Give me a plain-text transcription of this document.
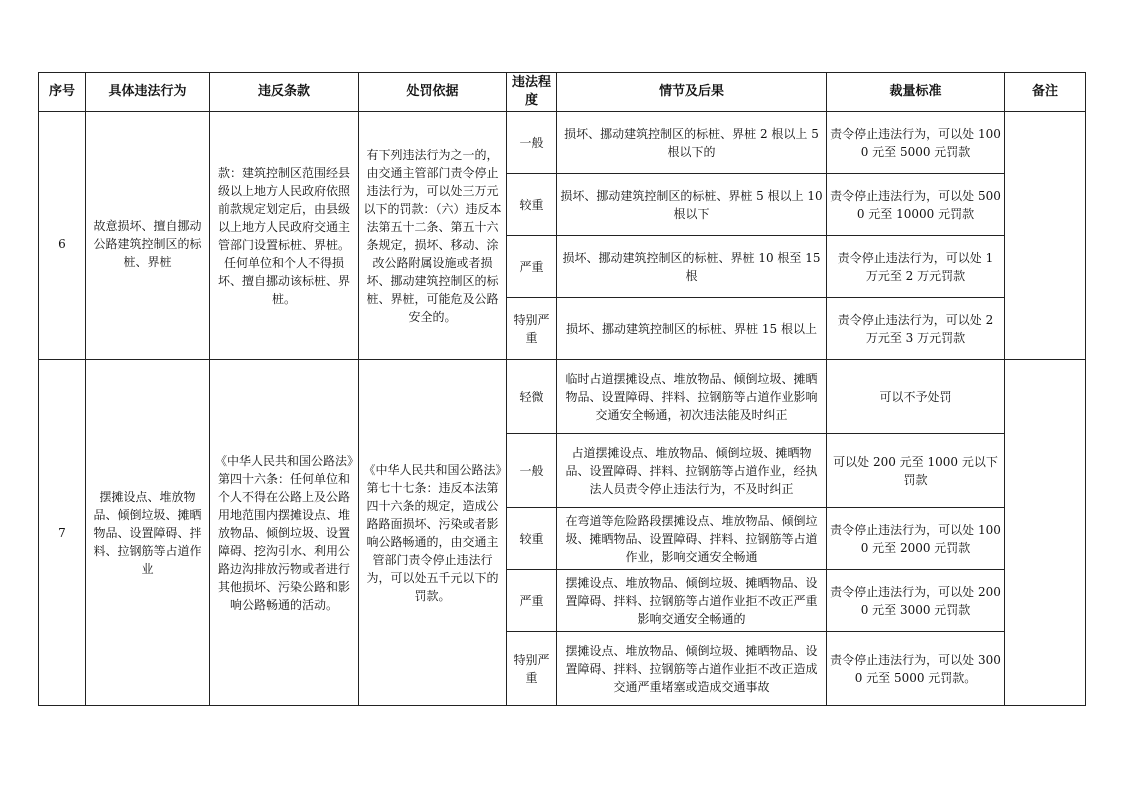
序号	具体违法行为	违反条款	处罚依据	违法程度	情节及后果	裁量标准	备注
6	故意损坏、擅自挪动公路建筑控制区的标桩、界桩	款：建筑控制区范围经县级以上地方人民政府依照前款规定划定后，由县级以上地方人民政府交通主管部门设置标桩、界桩。任何单位和个人不得损坏、擅自挪动该标桩、界桩。	有下列违法行为之一的，由交通主管部门责令停止违法行为，可以处三万元以下的罚款：（六）违反本法第五十二条、第五十六条规定，损坏、移动、涂改公路附属设施或者损坏、挪动建筑控制区的标桩、界桩，可能危及公路安全的。	一般	损坏、挪动建筑控制区的标桩、界桩 2 根以上 5 根以下的	责令停止违法行为，可以处 1000 元至 5000 元罚款	
				较重	损坏、挪动建筑控制区的标桩、界桩 5 根以上 10 根以下	责令停止违法行为，可以处 5000 元至 10000 元罚款	
				严重	损坏、挪动建筑控制区的标桩、界桩 10 根至 15 根	责令停止违法行为，可以处 1 万元至 2 万元罚款	
				特别严重	损坏、挪动建筑控制区的标桩、界桩 15 根以上	责令停止违法行为，可以处 2 万元至 3 万元罚款	
7	摆摊设点、堆放物品、倾倒垃圾、摊晒物品、设置障碍、拌料、拉钢筋等占道作业	《中华人民共和国公路法》第四十六条：任何单位和个人不得在公路上及公路用地范围内摆摊设点、堆放物品、倾倒垃圾、设置障碍、挖沟引水、利用公路边沟排放污物或者进行其他损坏、污染公路和影响公路畅通的活动。	《中华人民共和国公路法》第七十七条：违反本法第四十六条的规定，造成公路路面损坏、污染或者影响公路畅通的，由交通主管部门责令停止违法行为，可以处五千元以下的罚款。	轻微	临时占道摆摊设点、堆放物品、倾倒垃圾、摊晒物品、设置障碍、拌料、拉钢筋等占道作业影响交通安全畅通，初次违法能及时纠正	可以不予处罚	
				一般	占道摆摊设点、堆放物品、倾倒垃圾、摊晒物品、设置障碍、拌料、拉钢筋等占道作业，经执法人员责令停止违法行为，不及时纠正	可以处 200 元至 1000 元以下罚款	
				较重	在弯道等危险路段摆摊设点、堆放物品、倾倒垃圾、摊晒物品、设置障碍、拌料、拉钢筋等占道作业，影响交通安全畅通	责令停止违法行为，可以处 1000 元至 2000 元罚款	
				严重	摆摊设点、堆放物品、倾倒垃圾、摊晒物品、设置障碍、拌料、拉钢筋等占道作业拒不改正严重影响交通安全畅通的	责令停止违法行为，可以处 2000 元至 3000 元罚款	
				特别严重	摆摊设点、堆放物品、倾倒垃圾、摊晒物品、设置障碍、拌料、拉钢筋等占道作业拒不改正造成交通严重堵塞或造成交通事故	责令停止违法行为，可以处 3000 元至 5000 元罚款。	
